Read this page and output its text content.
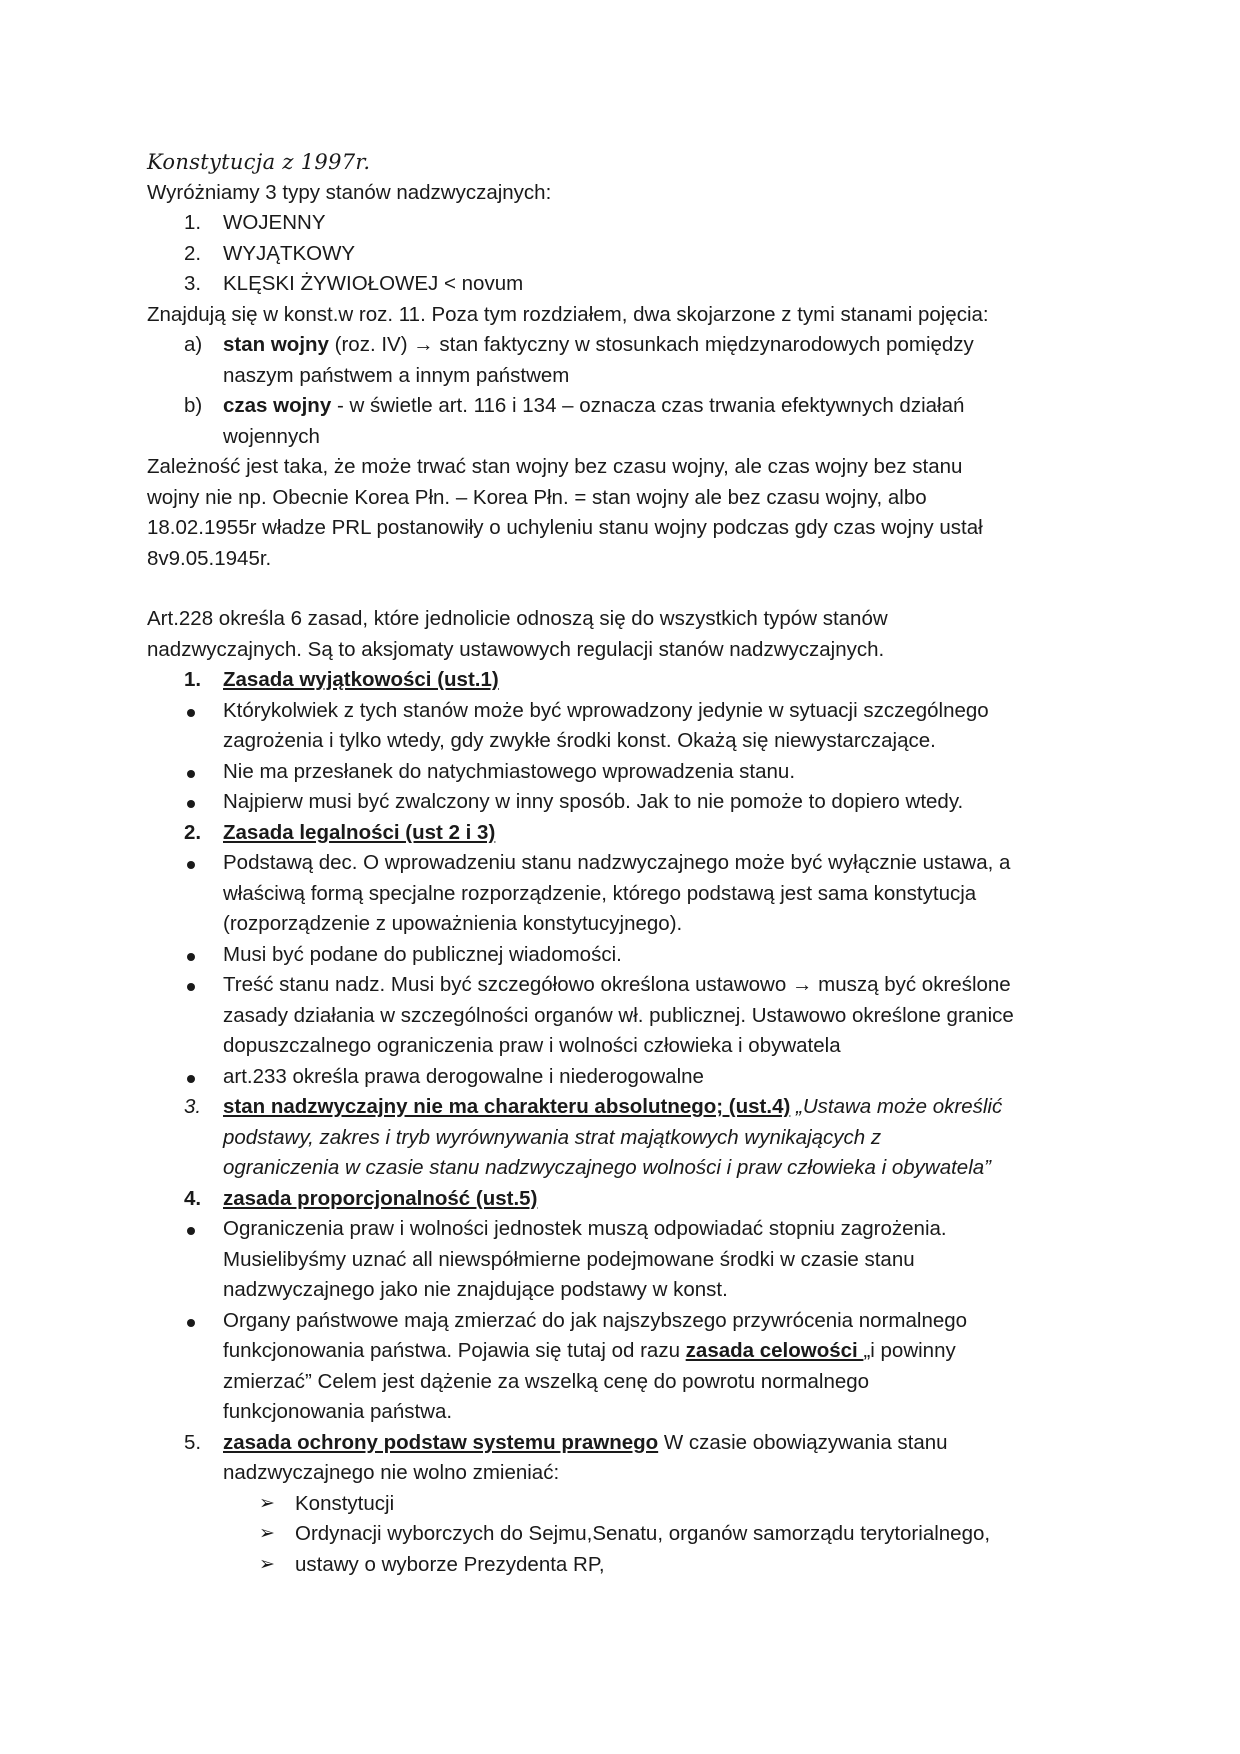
Konstytucja z 1997r.
Wyróżniamy 3 typy stanów nadzwyczajnych:
1. WOJENNY
2. WYJĄTKOWY
3. KLĘSKI ŻYWIOŁOWEJ < novum
Znajdują się w konst.w roz. 11. Poza tym rozdziałem, dwa skojarzone z tymi stanami pojęcia:
a) stan wojny (roz. IV) → stan faktyczny w stosunkach międzynarodowych pomiędzy
naszym państwem a innym państwem
b) czas wojny - w świetle art. 116 i 134 – oznacza czas trwania efektywnych działań
wojennych
Zależność jest taka, że może trwać stan wojny bez czasu wojny, ale czas wojny bez stanu
wojny nie np. Obecnie Korea Płn. – Korea Płn. = stan wojny ale bez czasu wojny, albo
18.02.1955r władze PRL postanowiły o uchyleniu stanu wojny podczas gdy czas wojny ustał
8v9.05.1945r.
Art.228 określa 6 zasad, które jednolicie odnoszą się do wszystkich typów stanów
nadzwyczajnych. Są to aksjomaty ustawowych regulacji stanów nadzwyczajnych.
1. Zasada wyjątkowości (ust.1)
Którykolwiek z tych stanów może być wprowadzony jedynie w sytuacji szczególnego
zagrożenia i tylko wtedy, gdy zwykłe środki konst. Okażą się niewystarczające.
Nie ma przesłanek do natychmiastowego wprowadzenia stanu.
Najpierw musi być zwalczony w inny sposób. Jak to nie pomoże to dopiero wtedy.
2. Zasada legalności (ust 2 i 3)
Podstawą dec. O wprowadzeniu stanu nadzwyczajnego może być wyłącznie ustawa, a
właściwą formą specjalne rozporządzenie, którego podstawą jest sama konstytucja
(rozporządzenie z upoważnienia konstytucyjnego).
Musi być podane do publicznej wiadomości.
Treść stanu nadz. Musi być szczegółowo określona ustawowo → muszą być określone
zasady działania w szczególności organów wł. publicznej. Ustawowo określone granice
dopuszczalnego ograniczenia praw i wolności człowieka i obywatela
art.233 określa prawa derogowalne i niederogowalne
3. stan nadzwyczajny nie ma charakteru absolutnego; (ust.4) „Ustawa może określić
podstawy, zakres i tryb wyrównywania strat majątkowych wynikających z
ograniczenia w czasie stanu nadzwyczajnego wolności i praw człowieka i obywatela”
4. zasada proporcjonalność (ust.5)
Ograniczenia praw i wolności jednostek muszą odpowiadać stopniu zagrożenia.
Musielibyśmy uznać all niewspółmierne podejmowane środki w czasie stanu
nadzwyczajnego jako nie znajdujące podstawy w konst.
Organy państwowe mają zmierzać do jak najszybszego przywrócenia normalnego
funkcjonowania państwa. Pojawia się tutaj od razu zasada celowości „i powinny
zmierzać” Celem jest dążenie za wszelką cenę do powrotu normalnego
funkcjonowania państwa.
5. zasada ochrony podstaw systemu prawnego W czasie obowiązywania stanu
nadzwyczajnego nie wolno zmieniać:
➢ Konstytucji
➢ Ordynacji wyborczych do Sejmu,Senatu, organów samorządu terytorialnego,
➢ ustawy o wyborze Prezydenta RP,
